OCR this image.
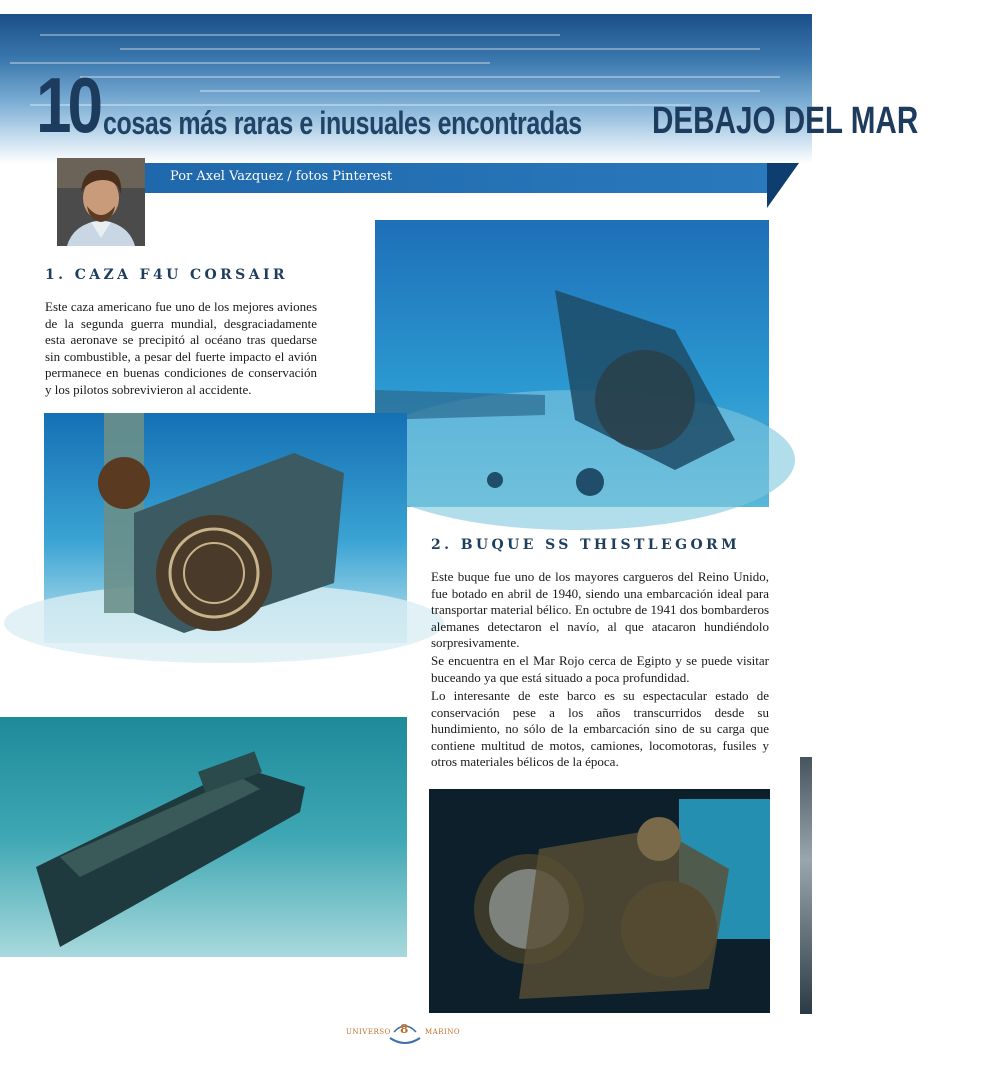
10 cosas más raras e inusuales encontradas DEBAJO DEL MAR
Por Axel Vazquez / fotos Pinterest
1. CAZA F4U CORSAIR

Este caza americano fue uno de los mejores aviones de la segunda guerra mundial, desgraciadamente esta aeronave se precipitó al océano tras quedarse sin combustible, a pesar del fuerte impacto el avión permanece en buenas condiciones de conservación y los pilotos sobrevivieron al accidente.

2. BUQUE SS THISTLEGORM

Este buque fue uno de los mayores cargueros del Reino Unido, fue botado en abril de 1940, siendo una embarcación ideal para transportar material bélico. En octubre de 1941 dos bombarderos alemanes detectaron el navío, al que atacaron hundiéndolo sorpresivamente.

Se encuentra en el Mar Rojo cerca de Egipto y se puede visitar buceando ya que está situado a poca profundidad.

Lo interesante de este barco es su espectacular estado de conservación pese a los años transcurridos desde su hundimiento, no sólo de la embarcación sino de su carga que contiene multitud de motos, camiones, locomotoras, fusiles y otros materiales bélicos de la época.

UNIVERSO 8 MARINO
